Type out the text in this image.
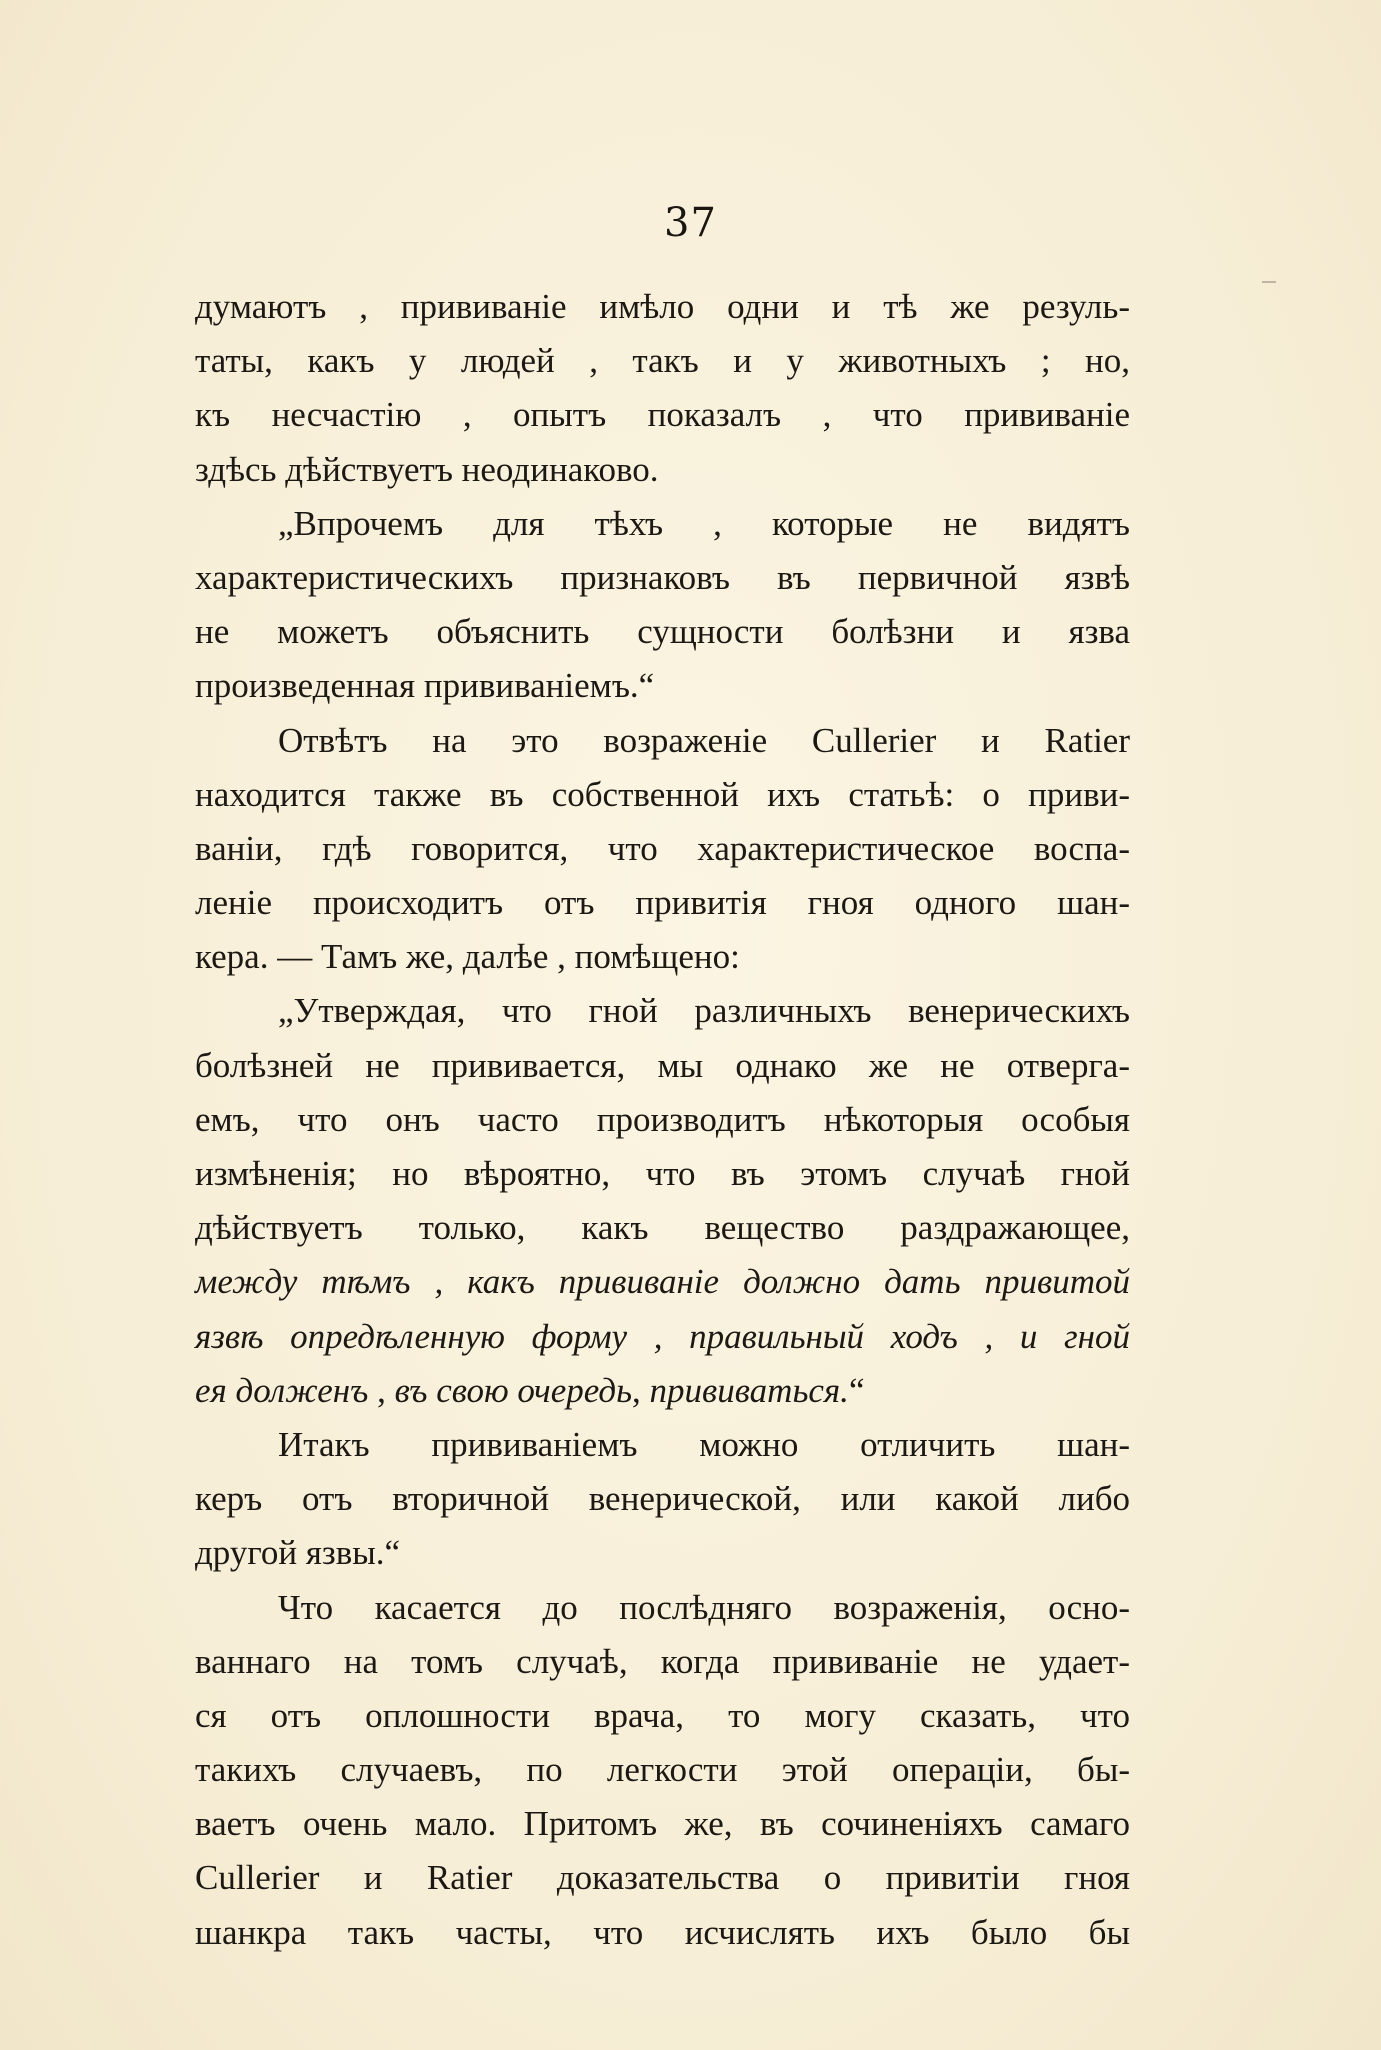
37
думаютъ , прививаніе имѣло одни и тѣ же резуль-
таты, какъ у людей , такъ и у животныхъ ; но,
къ несчастію , опытъ показалъ , что прививаніе
здѣсь дѣйствуетъ неодинаково.
„Впрочемъ для тѣхъ , которые не видятъ
характеристическихъ признаковъ въ первичной язвѣ
не можетъ объяснить сущности болѣзни и язва
произведенная прививаніемъ.“
Отвѣтъ на это возраженіе Cullerier и Ratier
находится также въ собственной ихъ статьѣ: о приви-
ваніи, гдѣ говорится, что характеристическое воспа-
леніе происходитъ отъ привитія гноя одного шан-
кера. — Тамъ же, далѣе , помѣщено:
„Утверждая, что гной различныхъ венерическихъ
болѣзней не прививается, мы однако же не отверга-
емъ, что онъ часто производитъ нѣкоторыя особыя
измѣненія; но вѣроятно, что въ этомъ случаѣ гной
дѣйствуетъ только, какъ вещество раздражающее,
между тѣмъ , какъ прививаніе должно дать привитой
язвѣ опредѣленную форму , правильный ходъ , и гной
ея долженъ , въ свою очередь, прививаться.“
Итакъ прививаніемъ можно отличить шан-
керъ отъ вторичной венерической, или какой либо
другой язвы.“
Что касается до послѣдняго возраженія, осно-
ваннаго на томъ случаѣ, когда прививаніе не удает-
ся отъ оплошности врача, то могу сказать, что
такихъ случаевъ, по легкости этой операціи, бы-
ваетъ очень мало. Притомъ же, въ сочиненіяхъ самаго
Cullerier и Ratier доказательства о привитіи гноя
шанкра такъ часты, что исчислять ихъ было бы
